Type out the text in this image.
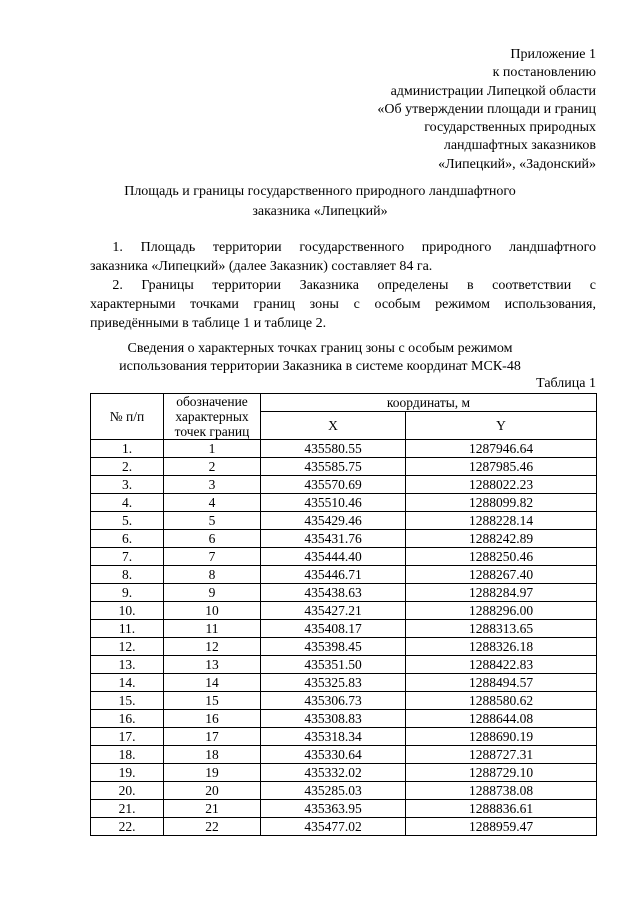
Приложение 1
к постановлению
администрации Липецкой области
«Об утверждении площади и границ
государственных природных
ландшафтных заказников
«Липецкий», «Задонский»
Площадь и границы государственного природного ландшафтного
заказника «Липецкий»
1. Площадь территории государственного природного ландшафтного
заказника «Липецкий» (далее Заказник) составляет 84 га.
2. Границы территории Заказника определены в соответствии с
характерными точками границ зоны с особым режимом использования,
приведёнными в таблице 1 и таблице 2.
Сведения о характерных точках границ зоны с особым режимом
использования территории Заказника в системе координат МСК-48
Таблица 1
№ п/п	обозначение характерных точек границ	координаты, м	
		X	Y
1.	1	435580.55	1287946.64
2.	2	435585.75	1287985.46
3.	3	435570.69	1288022.23
4.	4	435510.46	1288099.82
5.	5	435429.46	1288228.14
6.	6	435431.76	1288242.89
7.	7	435444.40	1288250.46
8.	8	435446.71	1288267.40
9.	9	435438.63	1288284.97
10.	10	435427.21	1288296.00
11.	11	435408.17	1288313.65
12.	12	435398.45	1288326.18
13.	13	435351.50	1288422.83
14.	14	435325.83	1288494.57
15.	15	435306.73	1288580.62
16.	16	435308.83	1288644.08
17.	17	435318.34	1288690.19
18.	18	435330.64	1288727.31
19.	19	435332.02	1288729.10
20.	20	435285.03	1288738.08
21.	21	435363.95	1288836.61
22.	22	435477.02	1288959.47
